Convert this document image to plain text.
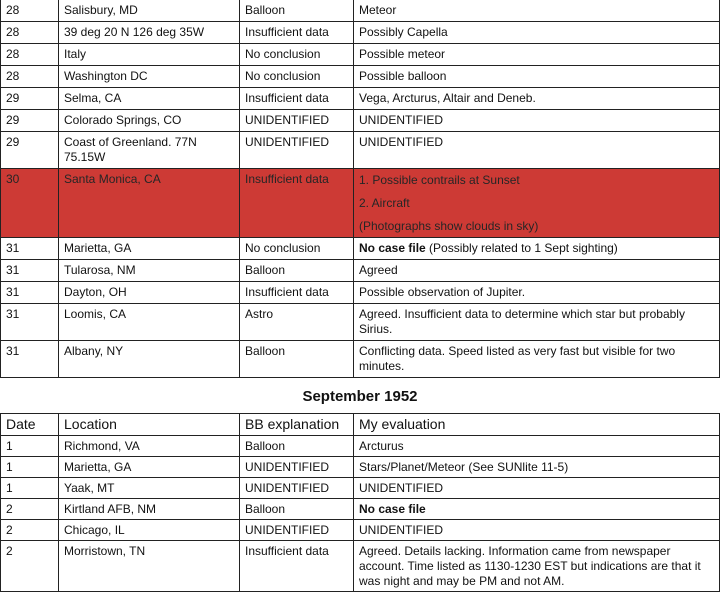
28	Salisbury, MD	Balloon	Meteor
28	39 deg 20 N 126 deg 35W	Insufficient data	Possibly Capella
28	Italy	No conclusion	Possible meteor
28	Washington DC	No conclusion	Possible balloon
29	Selma, CA	Insufficient data	Vega, Arcturus, Altair and Deneb.
29	Colorado Springs, CO	UNIDENTIFIED	UNIDENTIFIED
29	Coast of Greenland. 77N 75.15W	UNIDENTIFIED	UNIDENTIFIED
30	Santa Monica, CA	Insufficient data	1. Possible contrails at Sunset
2. Aircraft
(Photographs show clouds in sky)

31	Marietta, GA	No conclusion	No case file (Possibly related to 1 Sept sighting)
31	Tularosa, NM	Balloon	Agreed
31	Dayton, OH	Insufficient data	Possible observation of Jupiter.
31	Loomis, CA	Astro	Agreed. Insufficient data to determine which star but probably Sirius.
31	Albany, NY	Balloon	Conflicting data. Speed listed as very fast but visible for two minutes.
September 1952
Date	Location	BB explanation	My evaluation
1	Richmond, VA	Balloon	Arcturus
1	Marietta, GA	UNIDENTIFIED	Stars/Planet/Meteor (See SUNlite 11-5)
1	Yaak, MT	UNIDENTIFIED	UNIDENTIFIED
2	Kirtland AFB, NM	Balloon	No case file
2	Chicago, IL	UNIDENTIFIED	UNIDENTIFIED
2	Morristown, TN	Insufficient data	Agreed. Details lacking. Information came from newspaper account. Time listed as 1130-1230 EST but indications are that it was night and may be PM and not AM.
